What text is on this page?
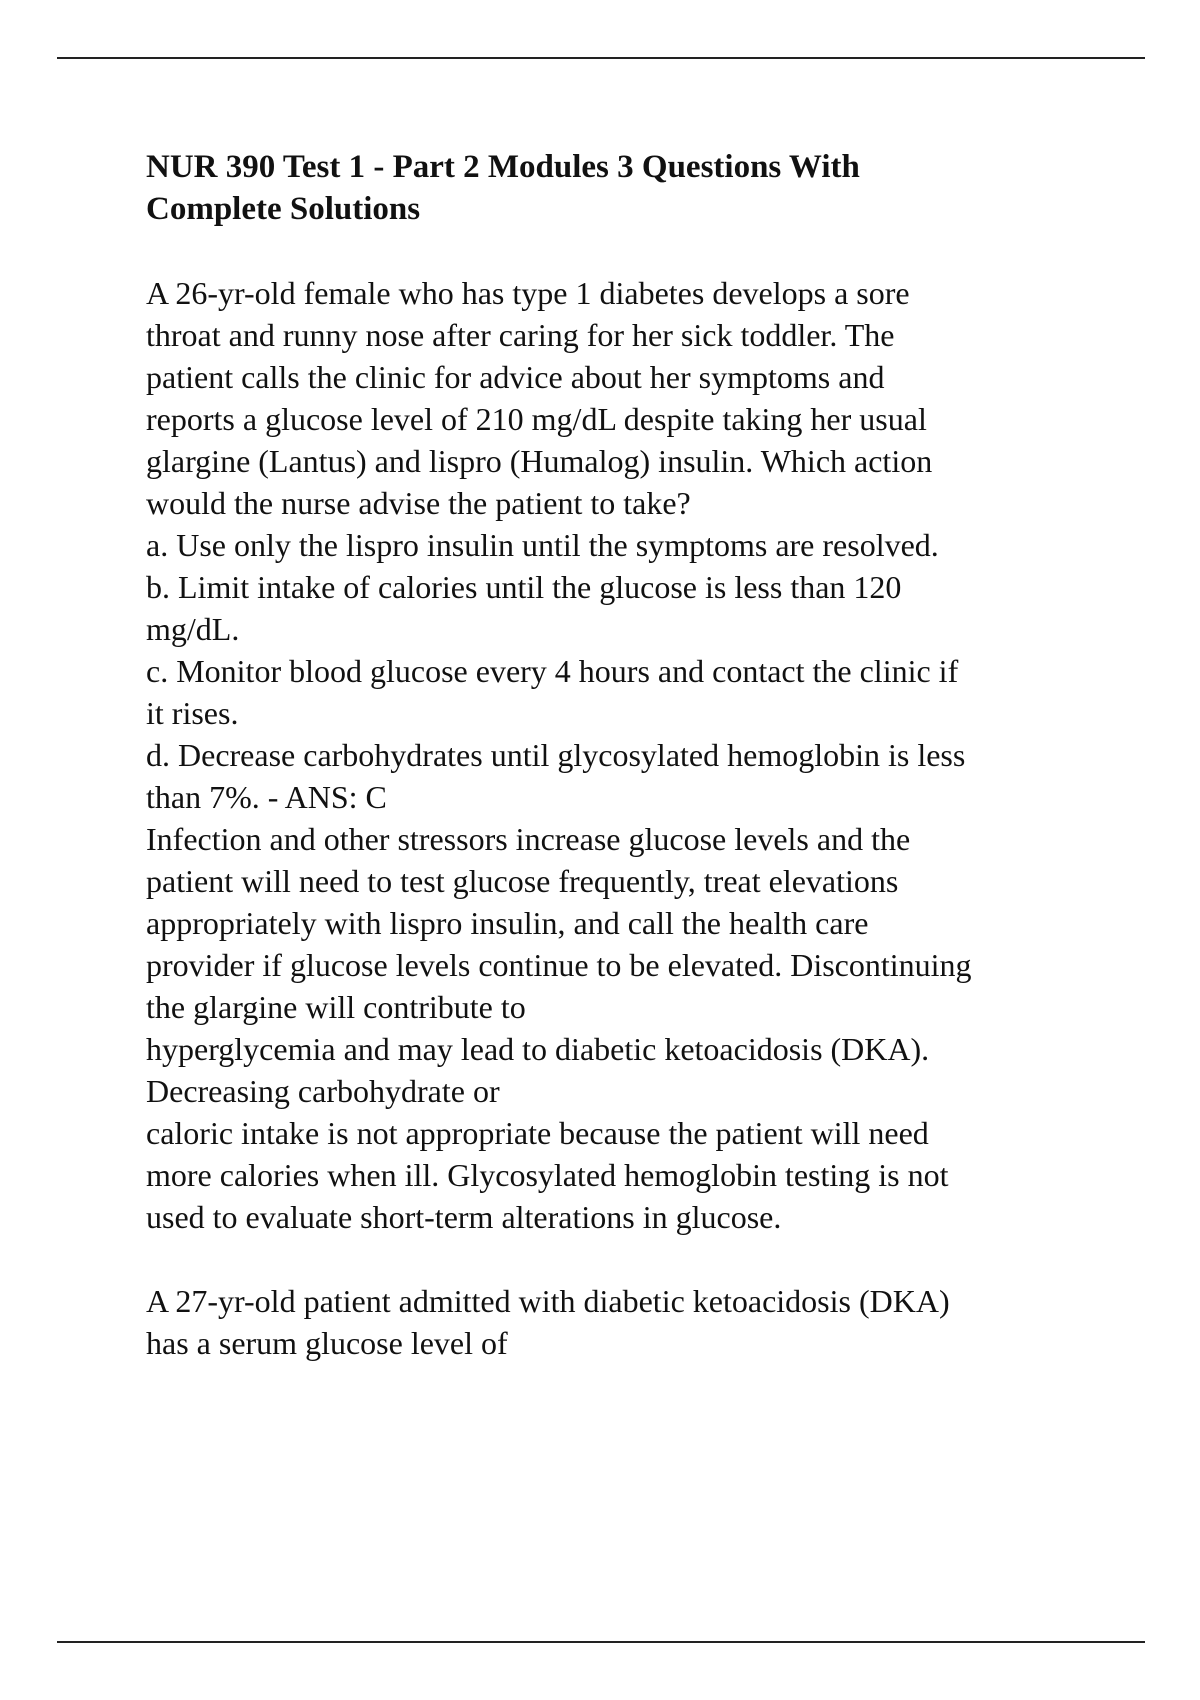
NUR 390 Test 1 - Part 2 Modules 3 Questions With
Complete Solutions
A 26-yr-old female who has type 1 diabetes develops a sore
throat and runny nose after caring for her sick toddler. The
patient calls the clinic for advice about her symptoms and
reports a glucose level of 210 mg/dL despite taking her usual
glargine (Lantus) and lispro (Humalog) insulin. Which action
would the nurse advise the patient to take?
a. Use only the lispro insulin until the symptoms are resolved.
b. Limit intake of calories until the glucose is less than 120
mg/dL.
c. Monitor blood glucose every 4 hours and contact the clinic if
it rises.
d. Decrease carbohydrates until glycosylated hemoglobin is less
than 7%. - ANS: C
Infection and other stressors increase glucose levels and the
patient will need to test glucose frequently, treat elevations
appropriately with lispro insulin, and call the health care
provider if glucose levels continue to be elevated. Discontinuing
the glargine will contribute to
hyperglycemia and may lead to diabetic ketoacidosis (DKA).
Decreasing carbohydrate or
caloric intake is not appropriate because the patient will need
more calories when ill. Glycosylated hemoglobin testing is not
used to evaluate short-term alterations in glucose.
A 27-yr-old patient admitted with diabetic ketoacidosis (DKA)
has a serum glucose level of
